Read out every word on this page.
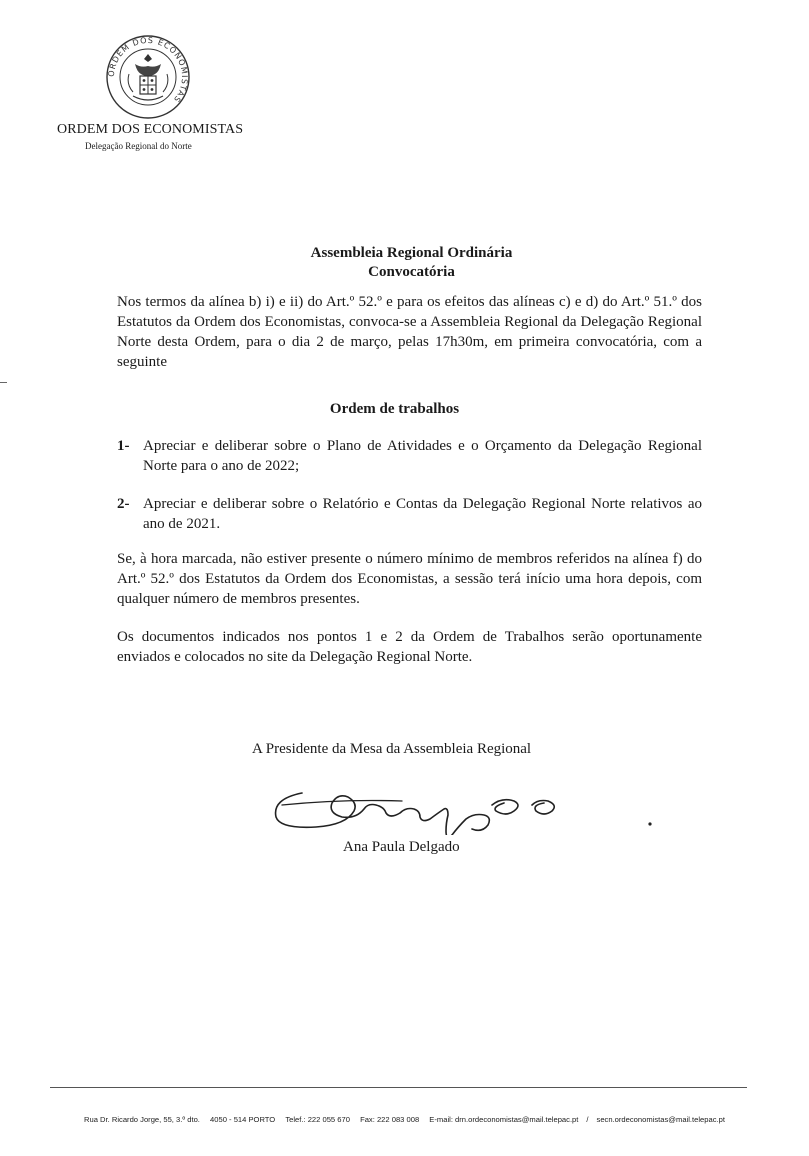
ORDEM DOS ECONOMISTAS
ORDEM DOS ECONOMISTAS
Delegação Regional do Norte
Assembleia Regional Ordinária
Convocatória
Nos termos da alínea b) i) e ii) do Art.º 52.º e para os efeitos das alíneas c) e d) do Art.º 51.º dos Estatutos da Ordem dos Economistas, convoca-se a Assembleia Regional da Delegação Regional Norte desta Ordem, para o dia 2 de março, pelas 17h30m, em primeira convocatória, com a seguinte
Ordem de trabalhos
1- Apreciar e deliberar sobre o Plano de Atividades e o Orçamento da Delegação Regional Norte para o ano de 2022;
2- Apreciar e deliberar sobre o Relatório e Contas da Delegação Regional Norte relativos ao ano de 2021.
Se, à hora marcada, não estiver presente o número mínimo de membros referidos na alínea f) do Art.º 52.º dos Estatutos da Ordem dos Economistas, a sessão terá início uma hora depois, com qualquer número de membros presentes.
Os documentos indicados nos pontos 1 e 2 da Ordem de Trabalhos serão oportunamente enviados e colocados no site da Delegação Regional Norte.
A Presidente da Mesa da Assembleia Regional
Ana Paula Delgado
Rua Dr. Ricardo Jorge, 55, 3.º dto. 4050 - 514 PORTO Telef.: 222 055 670 Fax: 222 083 008 E-mail: drn.ordeconomistas@mail.telepac.pt / secn.ordeconomistas@mail.telepac.pt
